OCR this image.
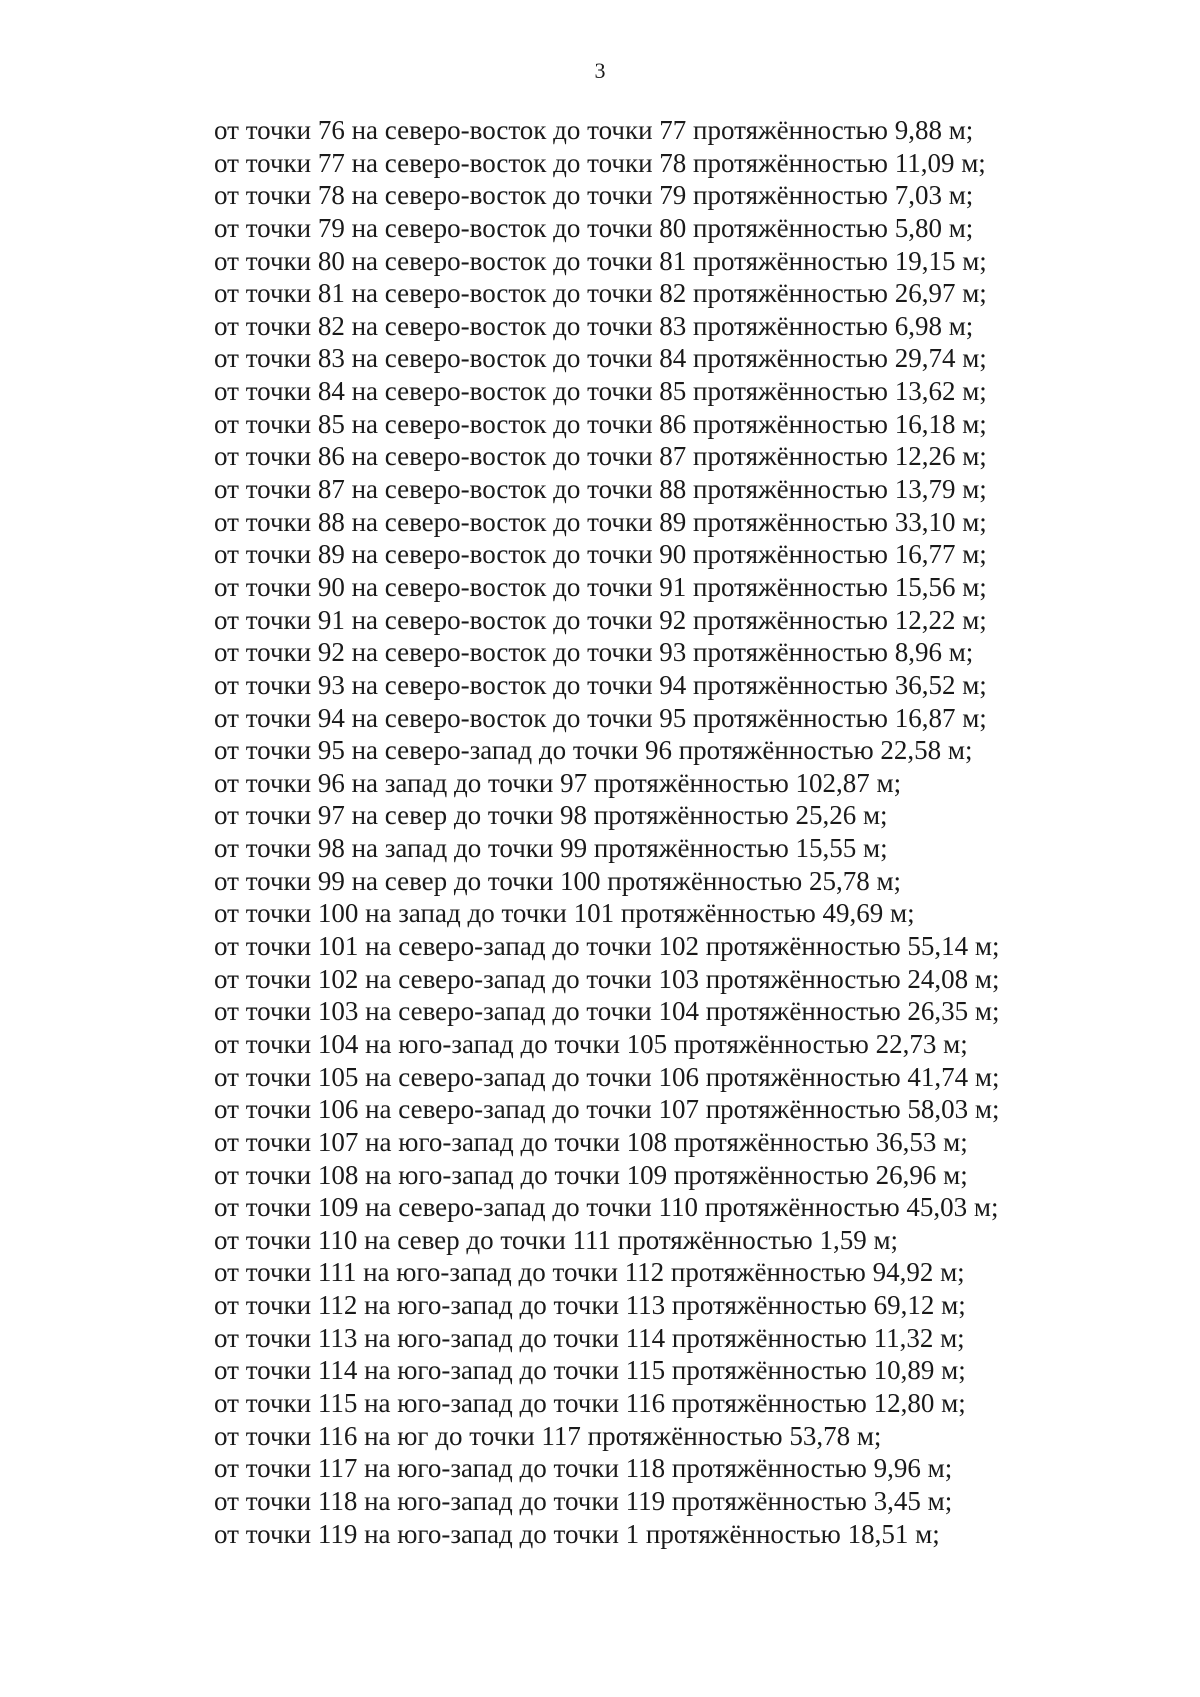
3
от точки 76 на северо-восток до точки 77 протяжённостью 9,88 м;
от точки 77 на северо-восток до точки 78 протяжённостью 11,09 м;
от точки 78 на северо-восток до точки 79 протяжённостью 7,03 м;
от точки 79 на северо-восток до точки 80 протяжённостью 5,80 м;
от точки 80 на северо-восток до точки 81 протяжённостью 19,15 м;
от точки 81 на северо-восток до точки 82 протяжённостью 26,97 м;
от точки 82 на северо-восток до точки 83 протяжённостью 6,98 м;
от точки 83 на северо-восток до точки 84 протяжённостью 29,74 м;
от точки 84 на северо-восток до точки 85 протяжённостью 13,62 м;
от точки 85 на северо-восток до точки 86 протяжённостью 16,18 м;
от точки 86 на северо-восток до точки 87 протяжённостью 12,26 м;
от точки 87 на северо-восток до точки 88 протяжённостью 13,79 м;
от точки 88 на северо-восток до точки 89 протяжённостью 33,10 м;
от точки 89 на северо-восток до точки 90 протяжённостью 16,77 м;
от точки 90 на северо-восток до точки 91 протяжённостью 15,56 м;
от точки 91 на северо-восток до точки 92 протяжённостью 12,22 м;
от точки 92 на северо-восток до точки 93 протяжённостью 8,96 м;
от точки 93 на северо-восток до точки 94 протяжённостью 36,52 м;
от точки 94 на северо-восток до точки 95 протяжённостью 16,87 м;
от точки 95 на северо-запад до точки 96 протяжённостью 22,58 м;
от точки 96 на запад до точки 97 протяжённостью 102,87 м;
от точки 97 на север до точки 98 протяжённостью 25,26 м;
от точки 98 на запад до точки 99 протяжённостью 15,55 м;
от точки 99 на север до точки 100 протяжённостью 25,78 м;
от точки 100 на запад до точки 101 протяжённостью 49,69 м;
от точки 101 на северо-запад до точки 102 протяжённостью 55,14 м;
от точки 102 на северо-запад до точки 103 протяжённостью 24,08 м;
от точки 103 на северо-запад до точки 104 протяжённостью 26,35 м;
от точки 104 на юго-запад до точки 105 протяжённостью 22,73 м;
от точки 105 на северо-запад до точки 106 протяжённостью 41,74 м;
от точки 106 на северо-запад до точки 107 протяжённостью 58,03 м;
от точки 107 на юго-запад до точки 108 протяжённостью 36,53 м;
от точки 108 на юго-запад до точки 109 протяжённостью 26,96 м;
от точки 109 на северо-запад до точки 110 протяжённостью 45,03 м;
от точки 110 на север до точки 111 протяжённостью 1,59 м;
от точки 111 на юго-запад до точки 112 протяжённостью 94,92 м;
от точки 112 на юго-запад до точки 113 протяжённостью 69,12 м;
от точки 113 на юго-запад до точки 114 протяжённостью 11,32 м;
от точки 114 на юго-запад до точки 115 протяжённостью 10,89 м;
от точки 115 на юго-запад до точки 116 протяжённостью 12,80 м;
от точки 116 на юг до точки 117 протяжённостью 53,78 м;
от точки 117 на юго-запад до точки 118 протяжённостью 9,96 м;
от точки 118 на юго-запад до точки 119 протяжённостью 3,45 м;
от точки 119 на юго-запад до точки 1 протяжённостью 18,51 м;
